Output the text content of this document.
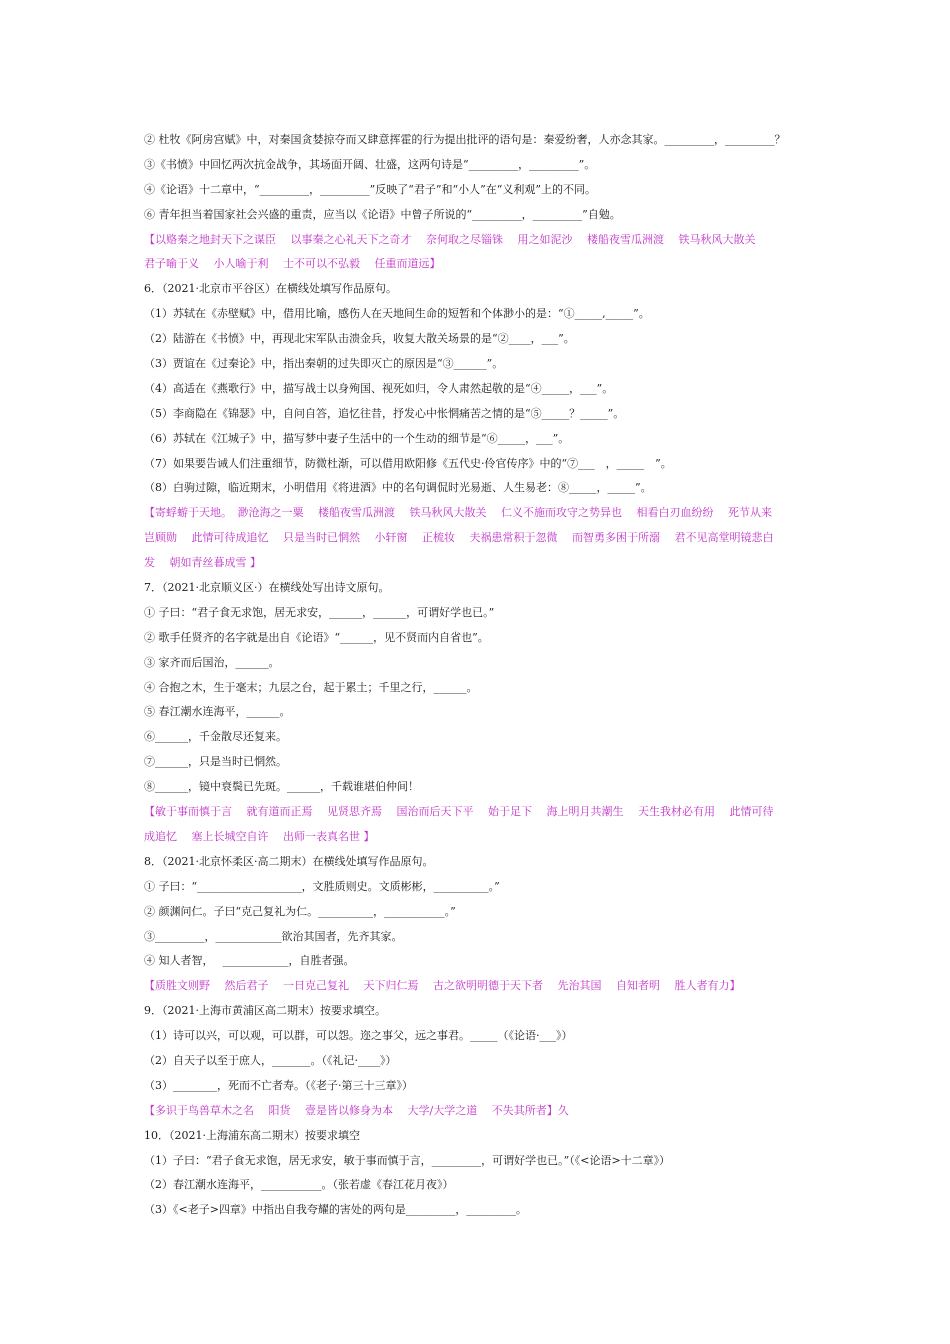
② 杜牧《阿房宫赋》中，对秦国贪婪掠夺而又肆意挥霍的行为提出批评的语句是：秦爱纷奢，人亦念其家。_________，_________？
③《书愤》中回忆两次抗金战争，其场面开阔、壮盛，这两句诗是“_________，_________”。
④《论语》十二章中，“_________，_________”反映了“君子”和“小人”在“义利观”上的不同。
⑥ 青年担当着国家社会兴盛的重责，应当以《论语》中曾子所说的“_________，_________”自勉。
【以赂秦之地封天下之谋臣　 以事秦之心礼天下之奇才　 奈何取之尽锱铢　 用之如泥沙　 楼船夜雪瓜洲渡　 铁马秋风大散关
君子喻于义　 小人喻于利　 士不可以不弘毅　 任重而道远】
6．（2021·北京市平谷区）在横线处填写作品原句。
（1）苏轼在《赤壁赋》中，借用比喻，感伤人在天地间生命的短暂和个体渺小的是：“①_____,_____”。
（2）陆游在《书愤》中，再现北宋军队击溃金兵，收复大散关场景的是“②____，___”。
（3）贾谊在《过秦论》中，指出秦朝的过失即灭亡的原因是“③______”。
（4）高适在《燕歌行》中，描写战士以身殉国、视死如归，令人肃然起敬的是“④_____，___”。
（5）李商隐在《锦瑟》中，自问自答，追忆往昔，抒发心中怅惘痛苦之情的是“⑤_____？_____”。
（6）苏轼在《江城子》中，描写梦中妻子生活中的一个生动的细节是“⑥_____，___”。
（7）如果要告诫人们注重细节，防微杜渐，可以借用欧阳修《五代史·伶官传序》中的“⑦___　，_____　”。
（8）白驹过隙，临近期末，小明借用《将进酒》中的名句调侃时光易逝、人生易老：⑧_____，_____”。
【寄蜉蝣于天地。　渺沧海之一粟　 楼船夜雪瓜洲渡　 铁马秋风大散关　 仁义不施而攻守之势异也　 相看白刃血纷纷　 死节从来
岂顾勋　 此情可待成追忆　 只是当时已惘然　 小轩窗　 正梳妆　 夫祸患常积于忽微　 而智勇多困于所溺　 君不见高堂明镜悲白
发　 朝如青丝暮成雪 】
7．（2021·北京顺义区·）在横线处写出诗文原句。
① 子曰：“君子食无求饱，居无求安，______，______，可谓好学也已。”
② 歌手任贤齐的名字就是出自《论语》“______，见不贤而内自省也”。
③ 家齐而后国治，______。
④ 合抱之木，生于毫末；九层之台，起于累土；千里之行，______。
⑤ 春江潮水连海平，______。
⑥______，千金散尽还复来。
⑦______，只是当时已惘然。
⑧______，镜中衰鬓已先斑。______，千载谁堪伯仲间！
【敏于事而慎于言　 就有道而正焉　 见贤思齐焉　 国治而后天下平　 始于足下　 海上明月共潮生　 天生我材必有用　 此情可待
成追忆　 塞上长城空自许　 出师一表真名世 】
8．（2021·北京怀柔区·高二期末）在横线处填写作品原句。
① 子曰：“___________________，文胜质则史。文质彬彬，__________。”
② 颜渊问仁。子曰“克己复礼为仁。__________，___________。”
③_________，____________欲治其国者，先齐其家。
④ 知人者智，　 ____________，自胜者强。
【质胜文则野　 然后君子　 一日克己复礼　 天下归仁焉　 古之欲明明德于天下者　 先治其国　 自知者明　 胜人者有力】
9．（2021·上海市黄浦区高二期末）按要求填空。
（1）诗可以兴，可以观，可以群，可以怨。迩之事父，远之事君。_____（《论语·___》）
（2）自天子以至于庶人，_______。（《礼记·____》）
（3）________，死而不亡者寿。（《老子·第三十三章》）
【多识于鸟兽草木之名　 阳货　 壹是皆以修身为本　 大学/大学之道　 不失其所者】久
10．（2021·上海浦东高二期末）按要求填空
（1）子曰：“君子食无求饱，居无求安，敏于事而慎于言，_________，可谓好学也已。”（《<论语>十二章》）
（2）春江潮水连海平，___________。（张若虚《春江花月夜》）
（3）《<老子>四章》中指出自我夸耀的害处的两句是_________，_________。
